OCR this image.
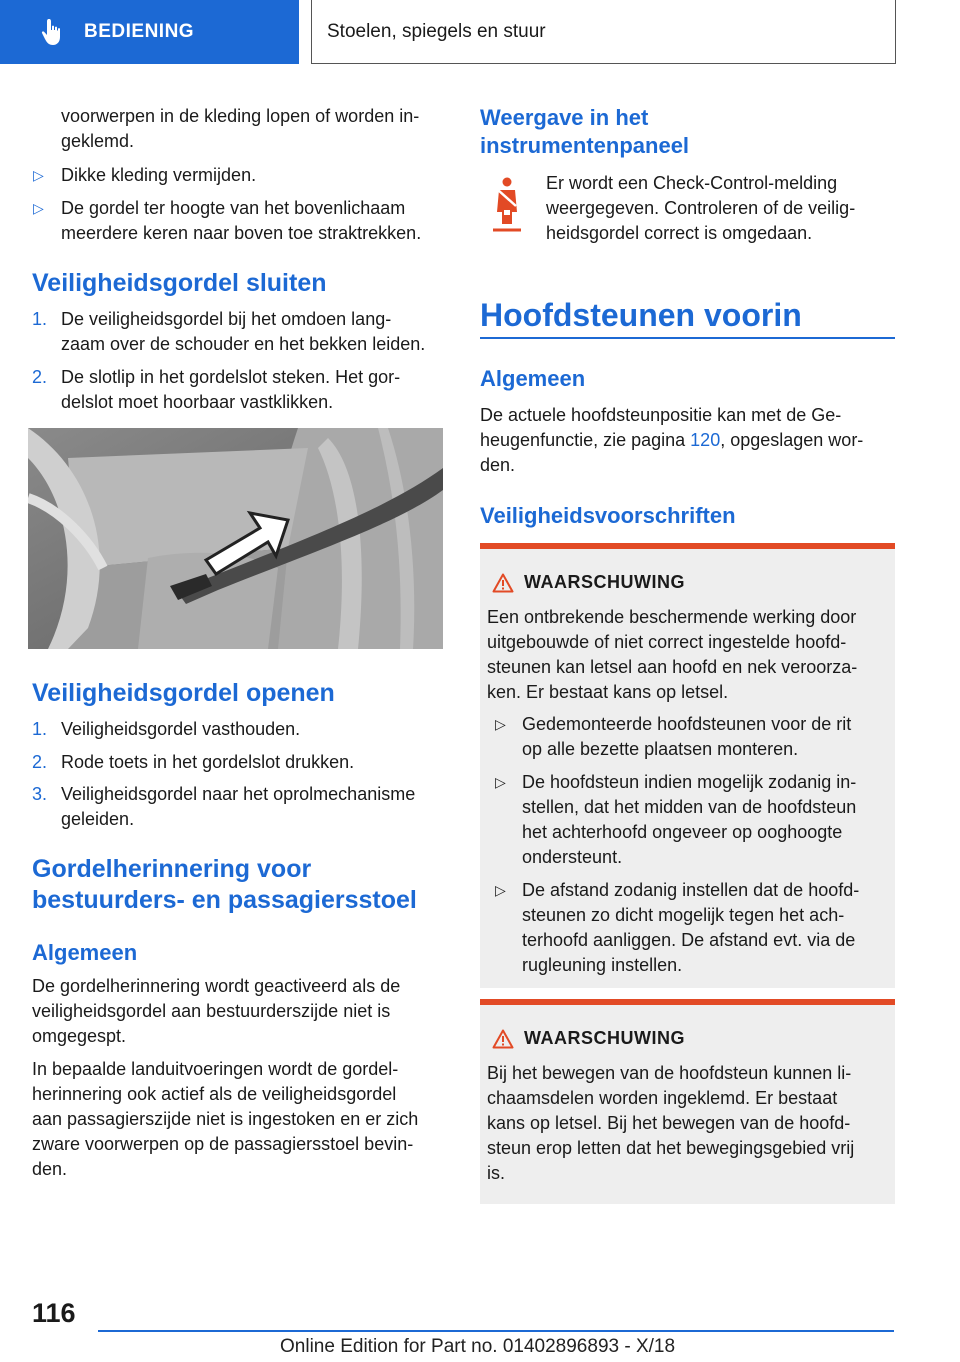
BEDIENING	Stoelen, spiegels en stuur
voorwerpen in de kleding lopen of worden in-
geklemd.
▷ Dikke kleding vermijden.
▷ De gordel ter hoogte van het bovenlichaam
meerdere keren naar boven toe straktrekken.
Veiligheidsgordel sluiten
1. De veiligheidsgordel bij het omdoen lang-
zaam over de schouder en het bekken leiden.
2. De slotlip in het gordelslot steken. Het gor-
delslot moet hoorbaar vastklikken.
Veiligheidsgordel openen
1. Veiligheidsgordel vasthouden.
2. Rode toets in het gordelslot drukken.
3. Veiligheidsgordel naar het oprolmechanisme
geleiden.
Gordelherinnering voor
bestuurders- en passagiersstoel
Algemeen
De gordelherinnering wordt geactiveerd als de
veiligheidsgordel aan bestuurderszijde niet is
omgegespt.
In bepaalde landuitvoeringen wordt de gordel-
herinnering ook actief als de veiligheidsgordel
aan passagierszijde niet is ingestoken en er zich
zware voorwerpen op de passagiersstoel bevin-
den.
Weergave in het
instrumentenpaneel
Er wordt een Check-Control-melding
weergegeven. Controleren of de veilig-
heidsgordel correct is omgedaan.
Hoofdsteunen voorin
Algemeen
De actuele hoofdsteunpositie kan met de Ge-
heugenfunctie, zie pagina 120, opgeslagen wor-
den.
Veiligheidsvoorschriften
WAARSCHUWING
Een ontbrekende beschermende werking door
uitgebouwde of niet correct ingestelde hoofd-
steunen kan letsel aan hoofd en nek veroorza-
ken. Er bestaat kans op letsel.
▷ Gedemonteerde hoofdsteunen voor de rit
op alle bezette plaatsen monteren.
▷ De hoofdsteun indien mogelijk zodanig in-
stellen, dat het midden van de hoofdsteun
het achterhoofd ongeveer op ooghoogte
ondersteunt.
▷ De afstand zodanig instellen dat de hoofd-
steunen zo dicht mogelijk tegen het ach-
terhoofd aanliggen. De afstand evt. via de
rugleuning instellen.
WAARSCHUWING
Bij het bewegen van de hoofdsteun kunnen li-
chaamsdelen worden ingeklemd. Er bestaat
kans op letsel. Bij het bewegen van de hoofd-
steun erop letten dat het bewegingsgebied vrij
is.
116
Online Edition for Part no. 01402896893 - X/18
